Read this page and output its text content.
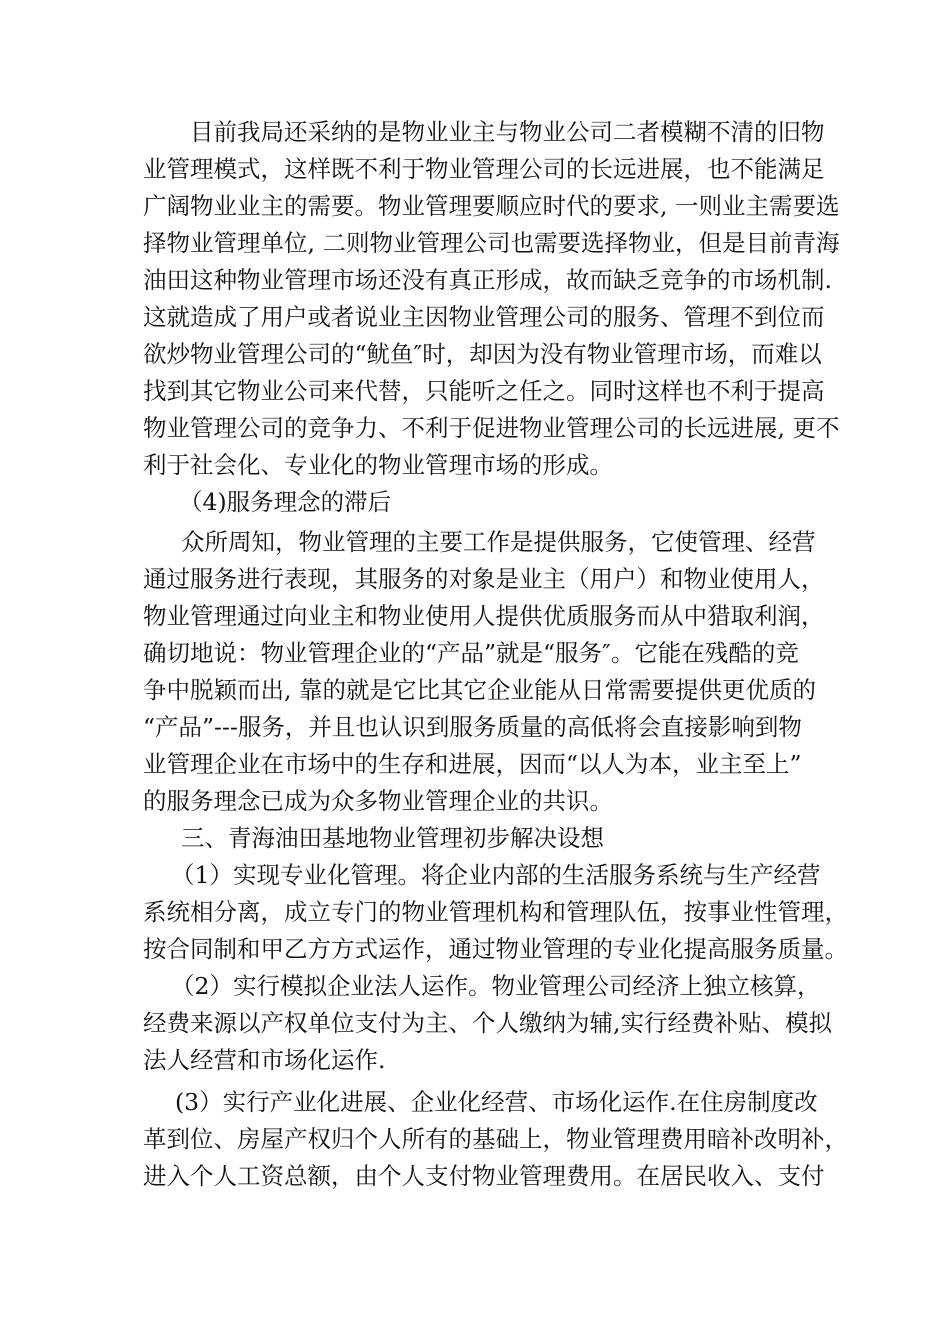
目前我局还采纳的是物业业主与物业公司二者模糊不清的旧物
业管理模式，这样既不利于物业管理公司的长远进展，也不能满足
广阔物业业主的需要。物业管理要顺应时代的要求, 一则业主需要选
择物业管理单位, 二则物业管理公司也需要选择物业，但是目前青海
油田这种物业管理市场还没有真正形成，故而缺乏竞争的市场机制.
这就造成了用户或者说业主因物业管理公司的服务、管理不到位而
欲炒物业管理公司的“鱿鱼″时，却因为没有物业管理市场，而难以
找到其它物业公司来代替，只能听之任之。同时这样也不利于提高
物业管理公司的竞争力、不利于促进物业管理公司的长远进展, 更不
利于社会化、专业化的物业管理市场的形成。
（4)服务理念的滞后
众所周知，物业管理的主要工作是提供服务，它使管理、经营
通过服务进行表现，其服务的对象是业主（用户）和物业使用人，
物业管理通过向业主和物业使用人提供优质服务而从中猎取利润，
确切地说：物业管理企业的“产品”就是“服务″。它能在残酷的竞
争中脱颖而出, 靠的就是它比其它企业能从日常需要提供更优质的
“产品”---服务，并且也认识到服务质量的高低将会直接影响到物
业管理企业在市场中的生存和进展，因而“以人为本，业主至上”
的服务理念已成为众多物业管理企业的共识。
三、青海油田基地物业管理初步解决设想
（1）实现专业化管理。将企业内部的生活服务系统与生产经营
系统相分离，成立专门的物业管理机构和管理队伍，按事业性管理，
按合同制和甲乙方方式运作，通过物业管理的专业化提高服务质量。
（2）实行模拟企业法人运作。物业管理公司经济上独立核算，
经费来源以产权单位支付为主、个人缴纳为辅,实行经费补贴、模拟
法人经营和市场化运作.
(3）实行产业化进展、企业化经营、市场化运作.在住房制度改
革到位、房屋产权归个人所有的基础上，物业管理费用暗补改明补，
进入个人工资总额，由个人支付物业管理费用。在居民收入、支付
